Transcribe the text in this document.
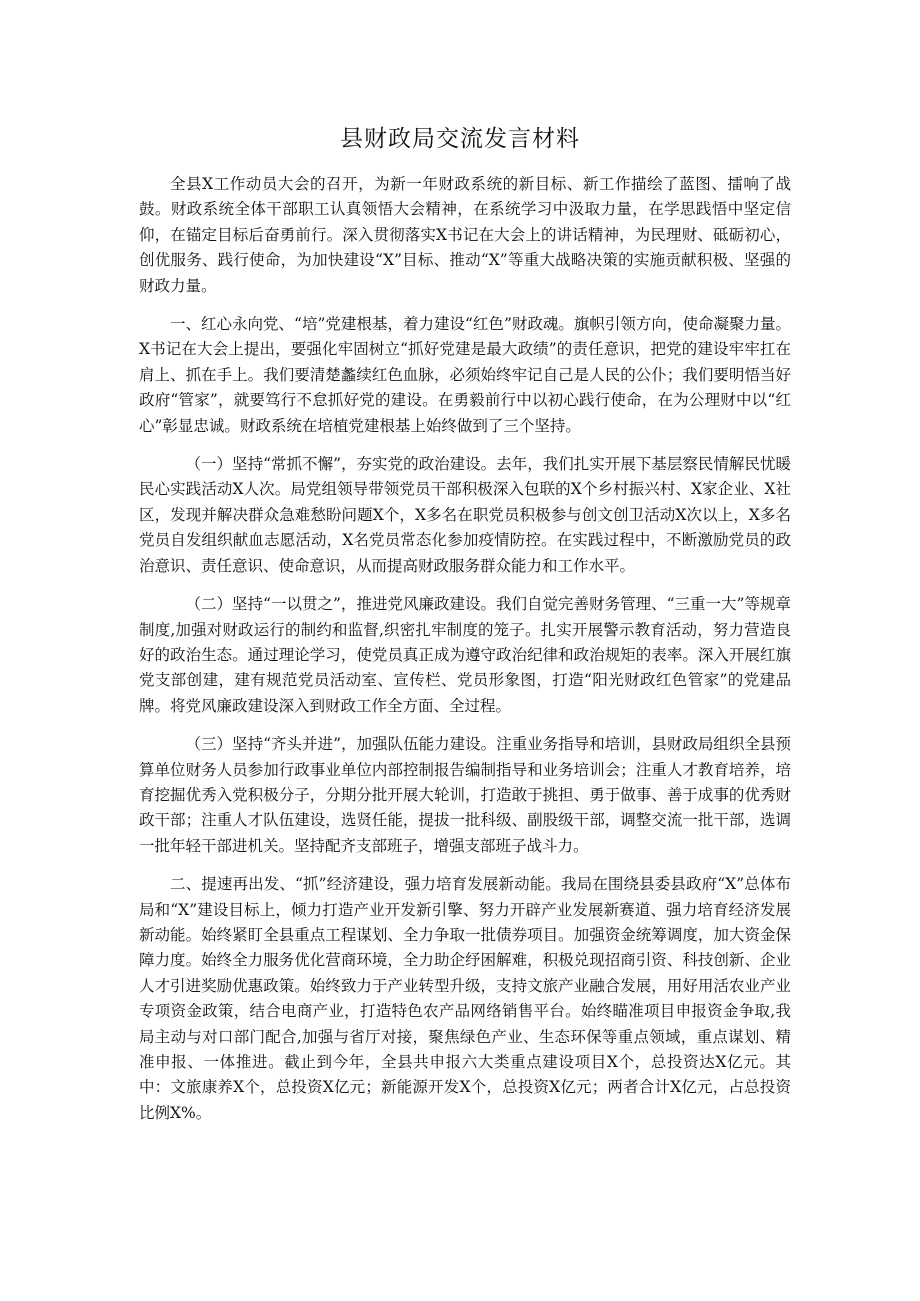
县财政局交流发言材料

全县X工作动员大会的召开，为新一年财政系统的新目标、新工作描绘了蓝图、擂响了战鼓。财政系统全体干部职工认真领悟大会精神，在系统学习中汲取力量，在学思践悟中坚定信仰，在锚定目标后奋勇前行。深入贯彻落实X书记在大会上的讲话精神，为民理财、砥砺初心，创优服务、践行使命，为加快建设“X”目标、推动“X”等重大战略决策的实施贡献积极、坚强的财政力量。

一、红心永向党、“培”党建根基，着力建设“红色”财政魂。旗帜引领方向，使命凝聚力量。X书记在大会上提出，要强化牢固树立“抓好党建是最大政绩”的责任意识，把党的建设牢牢扛在肩上、抓在手上。我们要清楚蠡续红色血脉，必须始终牢记自己是人民的公仆；我们要明悟当好政府“管家”，就要笃行不怠抓好党的建设。在勇毅前行中以初心践行使命，在为公理财中以“红心”彰显忠诚。财政系统在培植党建根基上始终做到了三个坚持。

（一）坚持“常抓不懈”，夯实党的政治建设。去年，我们扎实开展下基层察民情解民忧暖民心实践活动X人次。局党组领导带领党员干部积极深入包联的X个乡村振兴村、X家企业、X社区，发现并解决群众急难愁盼问题X个，X多名在职党员积极参与创文创卫活动X次以上，X多名党员自发组织献血志愿活动，X名党员常态化参加疫情防控。在实践过程中，不断激励党员的政治意识、责任意识、使命意识，从而提高财政服务群众能力和工作水平。

（二）坚持“一以贯之”，推进党风廉政建设。我们自觉完善财务管理、“三重一大”等规章制度,加强对财政运行的制约和监督,织密扎牢制度的笼子。扎实开展警示教育活动，努力营造良好的政治生态。通过理论学习，使党员真正成为遵守政治纪律和政治规矩的表率。深入开展红旗党支部创建，建有规范党员活动室、宣传栏、党员形象图，打造“阳光财政红色管家”的党建品牌。将党风廉政建设深入到财政工作全方面、全过程。

（三）坚持“齐头并进”，加强队伍能力建设。注重业务指导和培训，县财政局组织全县预算单位财务人员参加行政事业单位内部控制报告编制指导和业务培训会；注重人才教育培养，培育挖掘优秀入党积极分子，分期分批开展大轮训，打造敢于挑担、勇于做事、善于成事的优秀财政干部；注重人才队伍建设，选贤任能，提拔一批科级、副股级干部，调整交流一批干部，选调一批年轻干部进机关。坚持配齐支部班子，增强支部班子战斗力。

二、提速再出发、“抓”经济建设，强力培育发展新动能。我局在围绕县委县政府“X”总体布局和“X”建设目标上，倾力打造产业开发新引擎、努力开辟产业发展新赛道、强力培育经济发展新动能。始终紧盯全县重点工程谋划、全力争取一批债券项目。加强资金统筹调度，加大资金保障力度。始终全力服务优化营商环境，全力助企纾困解难，积极兑现招商引资、科技创新、企业人才引进奖励优惠政策。始终致力于产业转型升级，支持文旅产业融合发展，用好用活农业产业专项资金政策，结合电商产业，打造特色农产品网络销售平台。始终瞄准项目申报资金争取,我局主动与对口部门配合,加强与省厅对接，聚焦绿色产业、生态环保等重点领域，重点谋划、精准申报、一体推进。截止到今年，全县共申报六大类重点建设项目X个，总投资达X亿元。其中：文旅康养X个，总投资X亿元；新能源开发X个，总投资X亿元；两者合计X亿元，占总投资比例X%。
